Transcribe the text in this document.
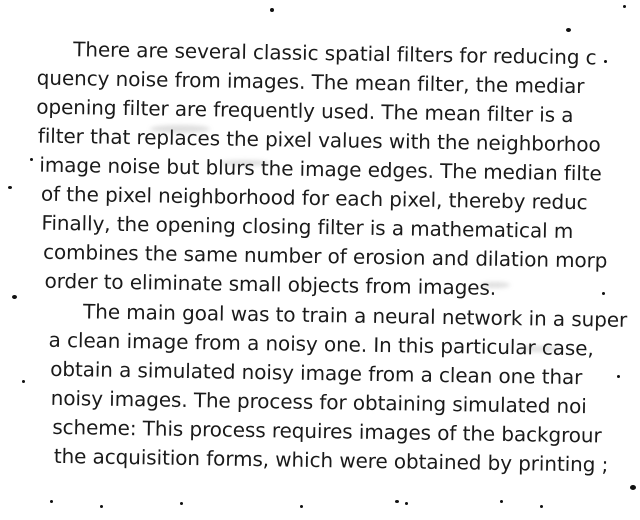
There are several classic spatial filters for reducing c
quency noise from images. The mean filter, the mediar
opening filter are frequently used. The mean filter is a
filter that replaces the pixel values with the neighborhoo
image noise but blurs the image edges. The median filte
of the pixel neighborhood for each pixel, thereby reduc
Finally, the opening closing filter is a mathematical m
combines the same number of erosion and dilation morp
order to eliminate small objects from images.
The main goal was to train a neural network in a super
a clean image from a noisy one. In this particular case,
obtain a simulated noisy image from a clean one thar
noisy images. The process for obtaining simulated noi
scheme: This process requires images of the backgrour
the acquisition forms, which were obtained by printing ;
